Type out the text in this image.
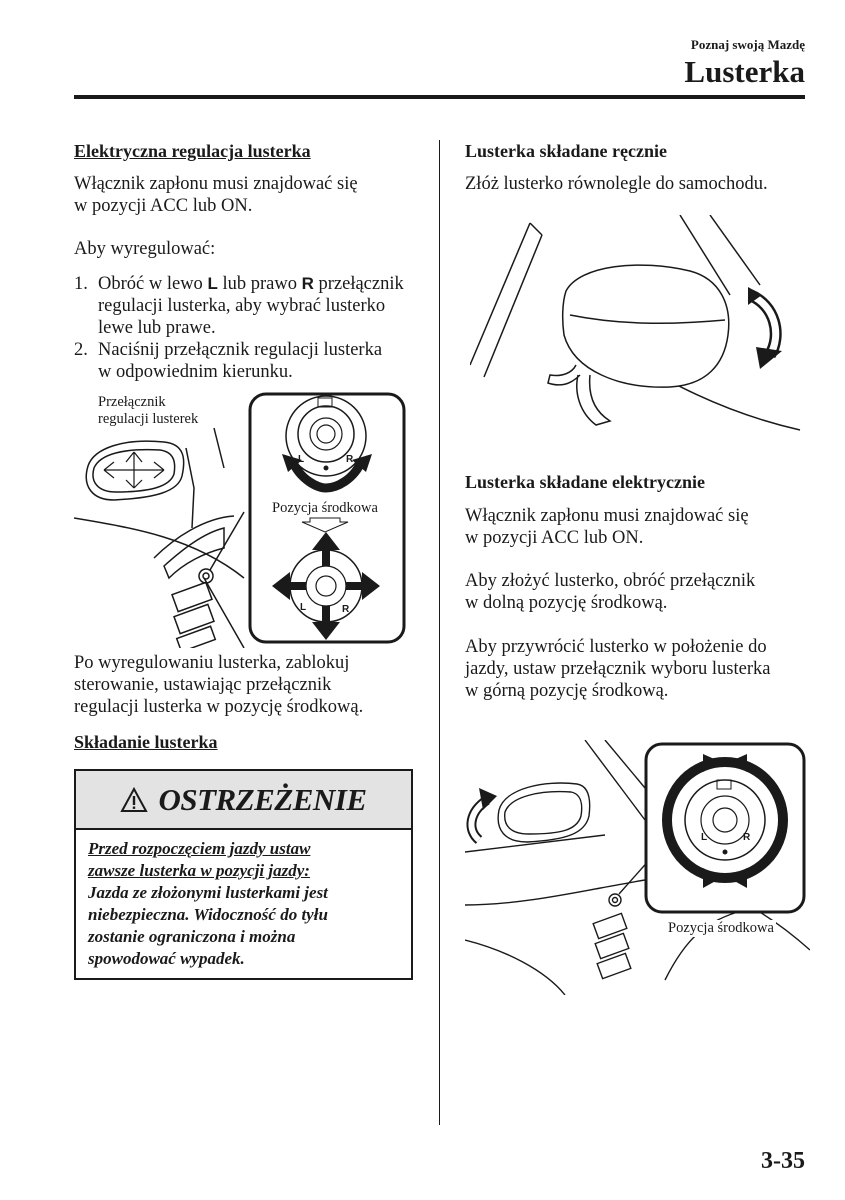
Poznaj swoją Mazdę
Lusterka
Elektryczna regulacja lusterka

Włącznik zapłonu musi znajdować się

w pozycji ACC lub ON.

Aby wyregulować:
1. Obróć w lewo L lub prawo R przełącznik
regulacji lusterka, aby wybrać lusterko
lewe lub prawe.
2. Naciśnij przełącznik regulacji lusterka
w odpowiednim kierunku.
Przełącznik
regulacji lusterek
L	R
Pozycja środkowa
L	R

Po wyregulowaniu lusterka, zablokuj

sterowanie, ustawiając przełącznik

regulacji lusterka w pozycję środkową.

Składanie lusterka
OSTRZEŻENIE
Przed rozpoczęciem jazdy ustaw
zawsze lusterka w pozycji jazdy:
Jazda ze złożonymi lusterkami jest
niebezpieczna. Widoczność do tyłu
zostanie ograniczona i można
spowodować wypadek.
Lusterka składane ręcznie
Złóż lusterko równolegle do samochodu.
Lusterka składane elektrycznie

Włącznik zapłonu musi znajdować się

w pozycji ACC lub ON.

Aby złożyć lusterko, obróć przełącznik

w dolną pozycję środkową.

Aby przywrócić lusterko w położenie do

jazdy, ustaw przełącznik wyboru lusterka

w górną pozycję środkową.

L	R
Pozycja środkowa
3-35
